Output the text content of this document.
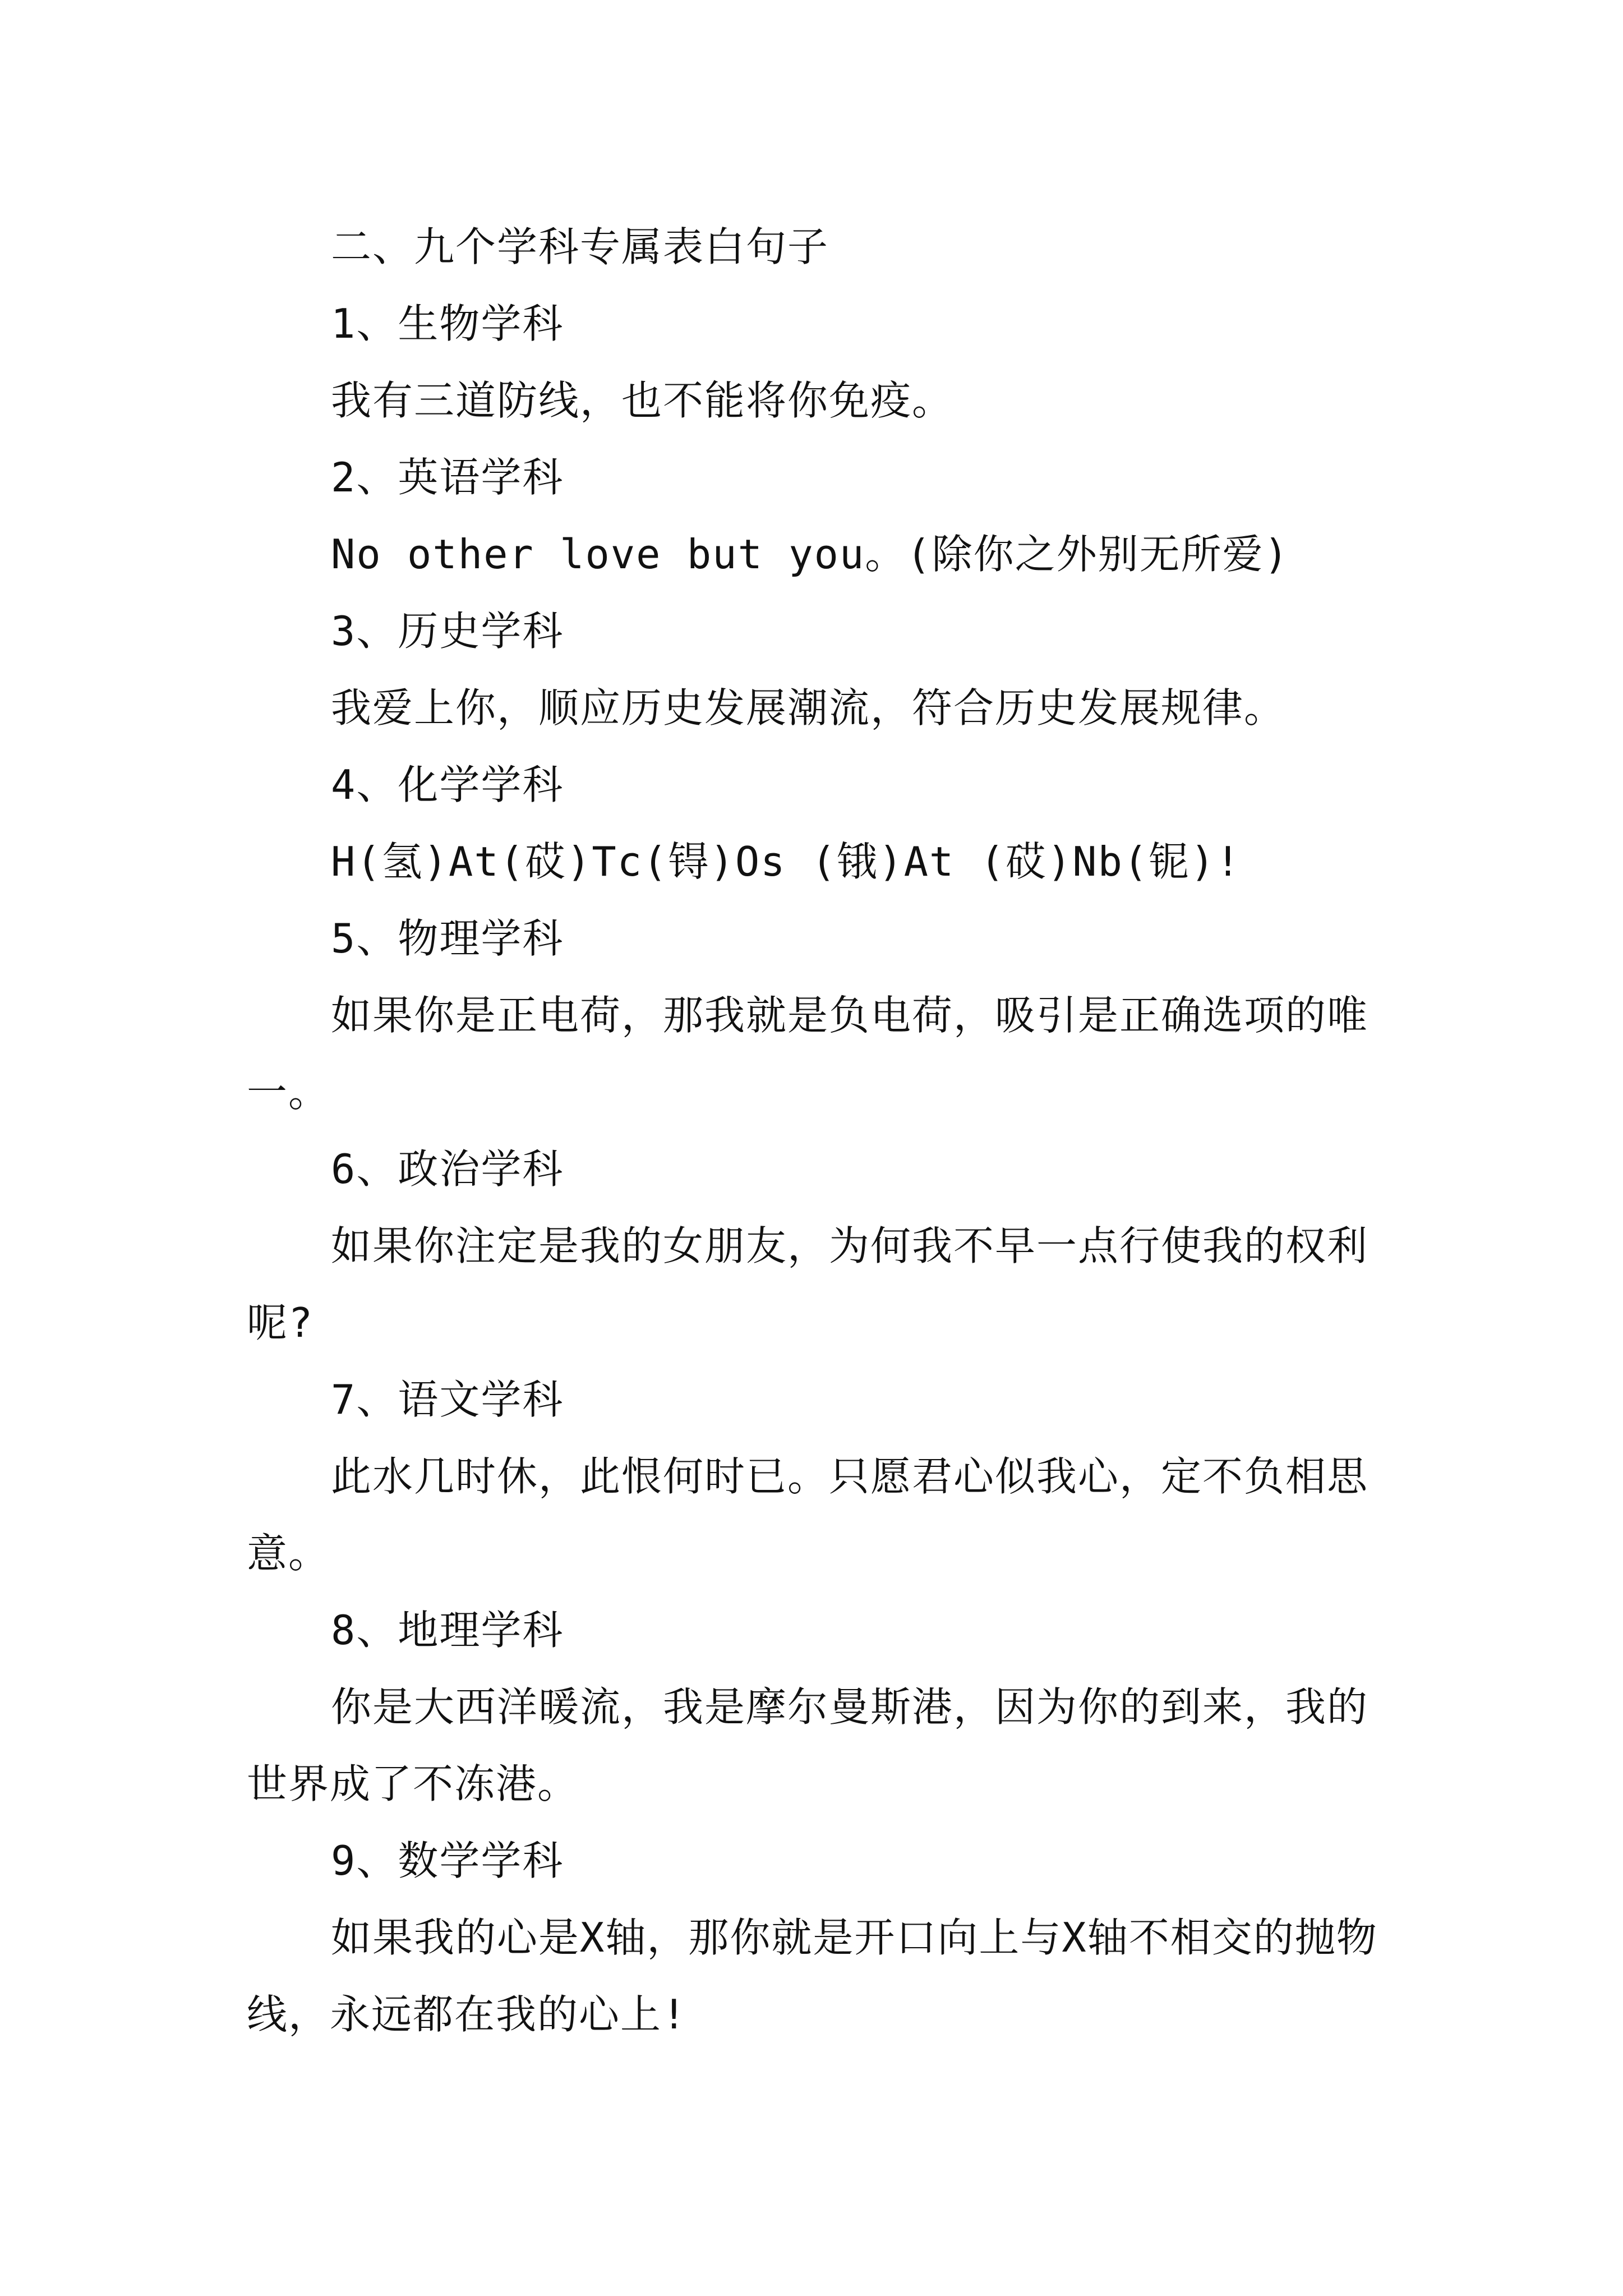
二、九个学科专属表白句子

1、生物学科

我有三道防线，也不能将你免疫。

2、英语学科

No other love but you。(除你之外别无所爱)

3、历史学科

我爱上你，顺应历史发展潮流，符合历史发展规律。

4、化学学科

H(氢)At(砹)Tc(锝)Os (锇)At (砹)Nb(铌)!

5、物理学科

如果你是正电荷，那我就是负电荷，吸引是正确选项的唯一。

6、政治学科

如果你注定是我的女朋友，为何我不早一点行使我的权利呢?

7、语文学科

此水几时休，此恨何时已。只愿君心似我心，定不负相思意。

8、地理学科

你是大西洋暖流，我是摩尔曼斯港，因为你的到来，我的世界成了不冻港。

9、数学学科

如果我的心是X轴，那你就是开口向上与X轴不相交的抛物线，永远都在我的心上!
